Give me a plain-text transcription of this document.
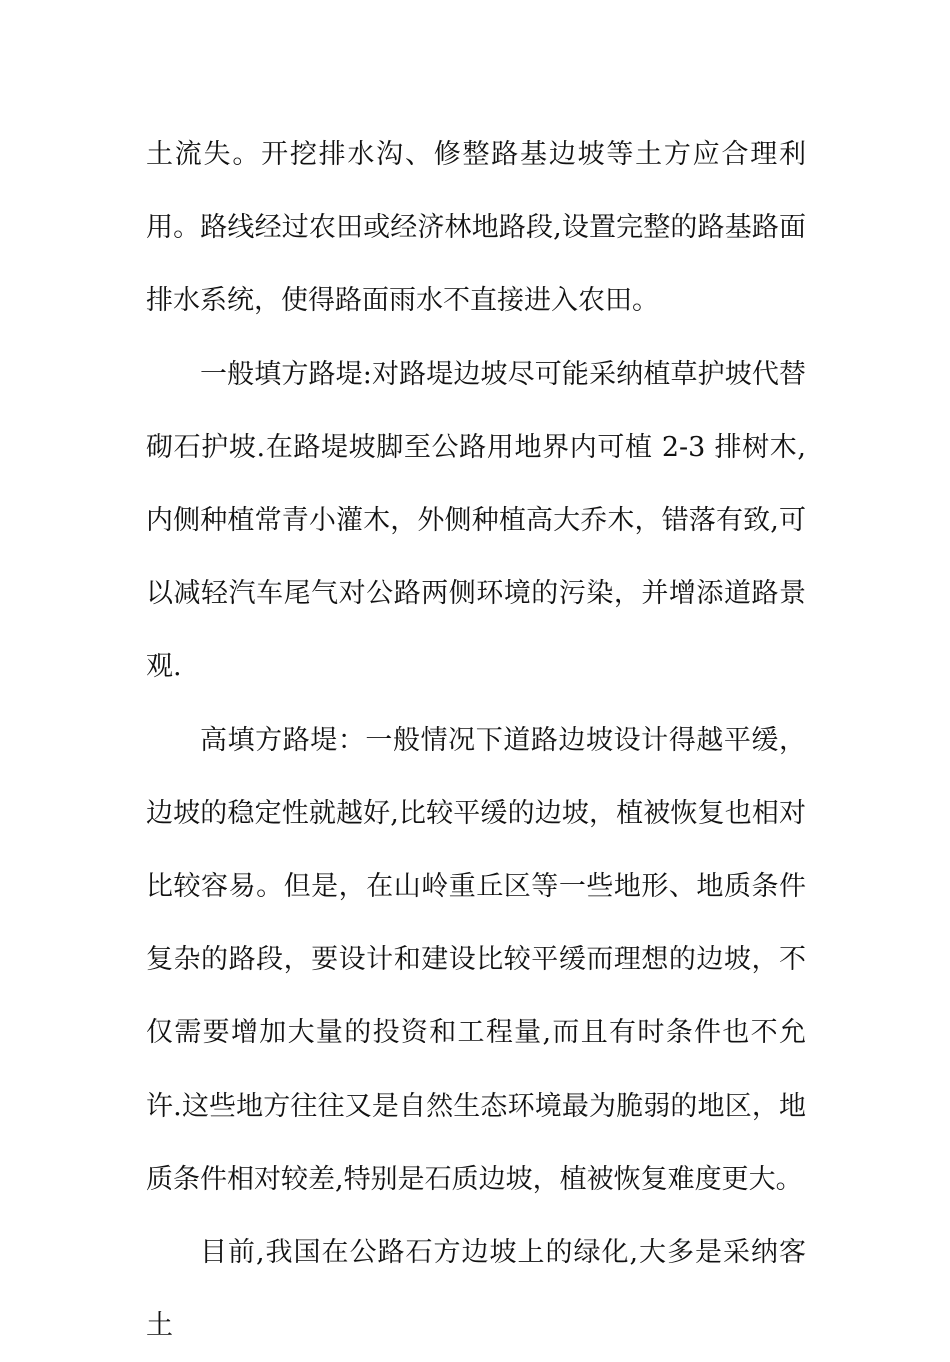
土流失。开挖排水沟、修整路基边坡等土方应合理利用。路线经过农田或经济林地路段,设置完整的路基路面排水系统，使得路面雨水不直接进入农田。

一般填方路堤:对路堤边坡尽可能采纳植草护坡代替砌石护坡.在路堤坡脚至公路用地界内可植 2-3 排树木,内侧种植常青小灌木，外侧种植高大乔木，错落有致,可以减轻汽车尾气对公路两侧环境的污染，并增添道路景观.

高填方路堤：一般情况下道路边坡设计得越平缓，边坡的稳定性就越好,比较平缓的边坡，植被恢复也相对比较容易。但是，在山岭重丘区等一些地形、地质条件复杂的路段，要设计和建设比较平缓而理想的边坡，不仅需要增加大量的投资和工程量,而且有时条件也不允许.这些地方往往又是自然生态环境最为脆弱的地区，地质条件相对较差,特别是石质边坡，植被恢复难度更大。

目前,我国在公路石方边坡上的绿化,大多是采纳客土
